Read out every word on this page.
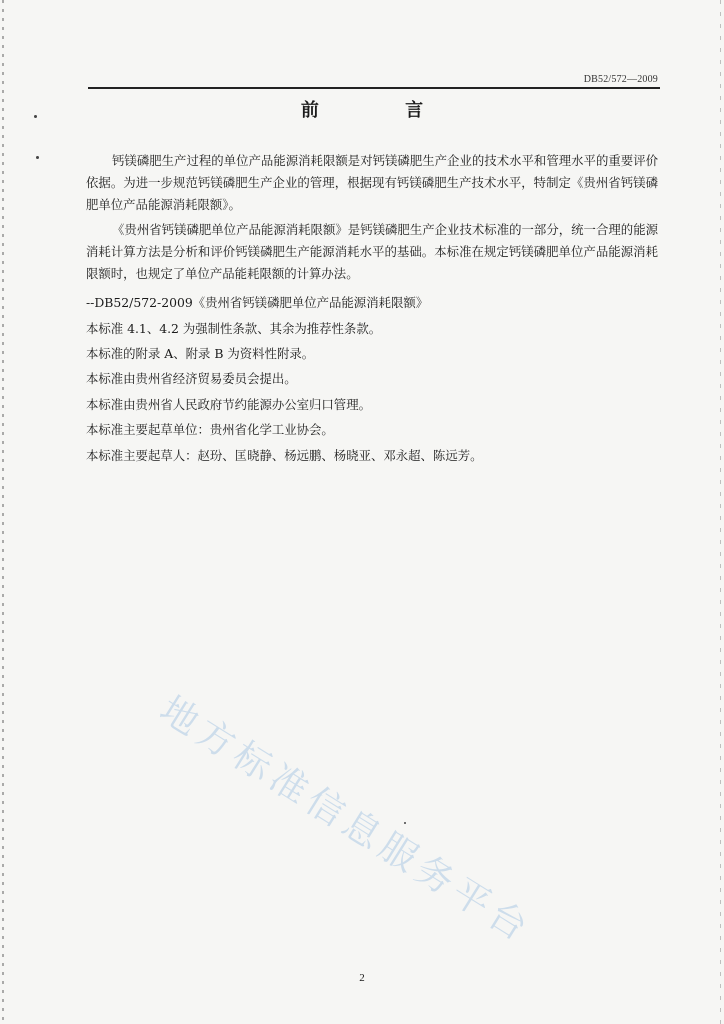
DB52/572—2009
前 言
钙镁磷肥生产过程的单位产品能源消耗限额是对钙镁磷肥生产企业的技术水平和管理水平的重要评价依据。为进一步规范钙镁磷肥生产企业的管理，根据现有钙镁磷肥生产技术水平，特制定《贵州省钙镁磷肥单位产品能源消耗限额》。
《贵州省钙镁磷肥单位产品能源消耗限额》是钙镁磷肥生产企业技术标准的一部分，统一合理的能源消耗计算方法是分析和评价钙镁磷肥生产能源消耗水平的基础。本标准在规定钙镁磷肥单位产品能源消耗限额时，也规定了单位产品能耗限额的计算办法。
--DB52/572-2009《贵州省钙镁磷肥单位产品能源消耗限额》
本标准 4.1、4.2 为强制性条款、其余为推荐性条款。
本标准的附录 A、附录 B 为资料性附录。
本标准由贵州省经济贸易委员会提出。
本标准由贵州省人民政府节约能源办公室归口管理。
本标准主要起草单位：贵州省化学工业协会。
本标准主要起草人：赵玢、匡晓静、杨远鹏、杨晓亚、邓永超、陈远芳。
地方标准信息服务平台
2
